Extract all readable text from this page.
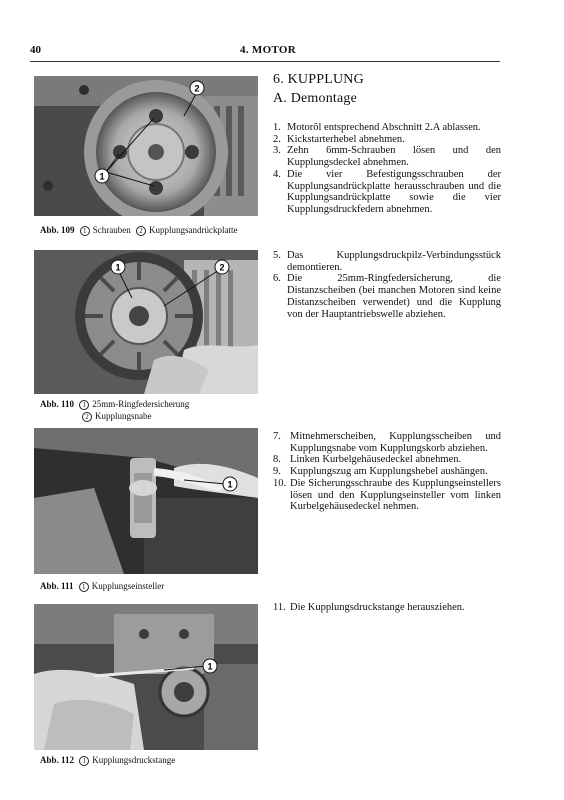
40	4. MOTOR
1
2
Abb. 109 1 Schrauben 2 Kupplungsandrückplatte
1	2
Abb. 110 1 25mm-Ringfedersicherung
2 Kupplungsnabe
1
Abb. 111 1 Kupplungseinsteller
1
Abb. 112 1 Kupplungsdruckstange
6. KUPPLUNG
A. Demontage
1. Motoröl entsprechend Abschnitt 2.A ablassen.
2. Kickstarterhebel abnehmen.
3. Zehn 6mm-Schrauben lösen und den Kupplungsdeckel abnehmen.
4. Die vier Befestigungsschrauben der Kupplungsandrückplatte herausschrauben und die Kupplungsandrückplatte sowie die vier Kupplungsdruckfedern abnehmen.
5. Das Kupplungsdruckpilz-Verbindungsstück demontieren.
6. Die 25mm-Ringfedersicherung, die Distanzscheiben (bei manchen Motoren sind keine Distanzscheiben verwendet) und die Kupplung von der Hauptantriebswelle abziehen.
7. Mitnehmerscheiben, Kupplungsscheiben und Kupplungsnabe vom Kupplungskorb abziehen.
8. Linken Kurbelgehäusedeckel abnehmen.
9. Kupplungszug am Kupplungshebel aushängen.
10. Die Sicherungsschraube des Kupplungseinstellers lösen und den Kupplungseinsteller vom linken Kurbelgehäusedeckel nehmen.
11. Die Kupplungsdruckstange herausziehen.
